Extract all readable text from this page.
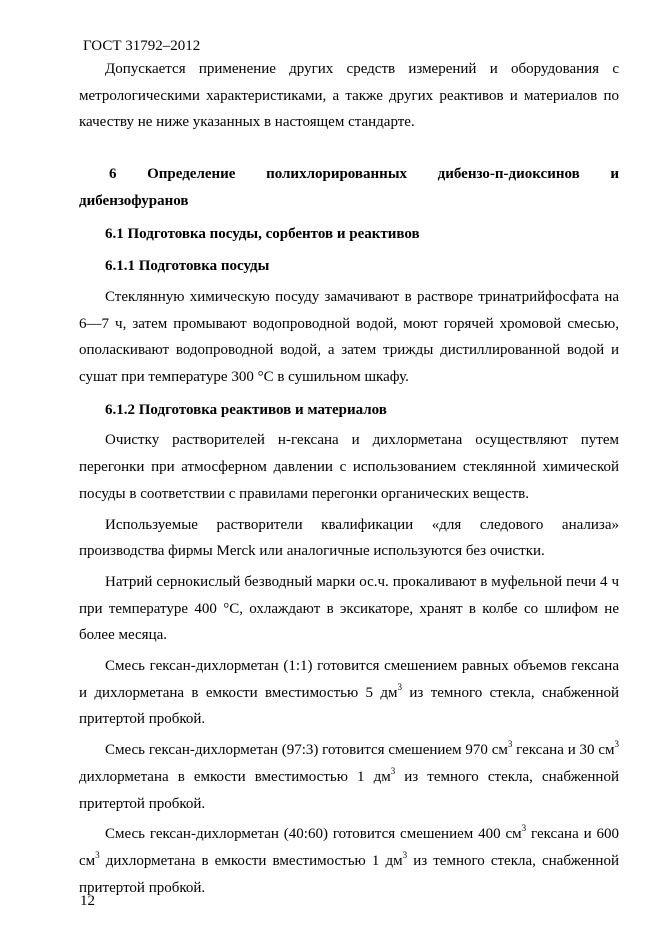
ГОСТ 31792–2012

Допускается применение других средств измерений и оборудования с

метрологическими характеристиками, а также других реактивов и материалов по

качеству не ниже указанных в настоящем стандарте.

6 Определение полихлорированных дибензо-п-диоксинов и
дибензофуранов
6.1 Подготовка посуды, сорбентов и реактивов
6.1.1 Подготовка посуды

Стеклянную химическую посуду замачивают в растворе тринатрийфосфата на 6—7 ч, затем промывают водопроводной водой, моют горячей хромовой смесью, ополаскивают водопроводной водой, а затем трижды дистиллированной водой и сушат при температуре 300 °С в сушильном шкафу.

6.1.2 Подготовка реактивов и материалов

Очистку растворителей н-гексана и дихлорметана осуществляют путем перегонки при атмосферном давлении с использованием стеклянной химической посуды в соответствии с правилами перегонки органических веществ.

Используемые растворители квалификации «для следового анализа» производства фирмы Merck или аналогичные используются без очистки.

Натрий сернокислый безводный марки ос.ч. прокаливают в муфельной печи 4 ч при температуре 400 °С, охлаждают в эксикаторе, хранят в колбе со шлифом не более месяца.

Смесь гексан-дихлорметан (1:1) готовится смешением равных объемов гексана и дихлорметана в емкости вместимостью 5 $дм^3$ из темного стекла, снабженной притертой пробкой.

Смесь гексан-дихлорметан (97:3) готовится смешением 970 $см^3$ гексана и 30 $см^3$ дихлорметана в емкости вместимостью 1 $дм^3$ из темного стекла, снабженной притертой пробкой.

Смесь гексан-дихлорметан (40:60) готовится смешением 400 $см^3$ гексана и 600 $см^3$ дихлорметана в емкости вместимостью 1 $дм^3$ из темного стекла, снабженной притертой пробкой.

12
